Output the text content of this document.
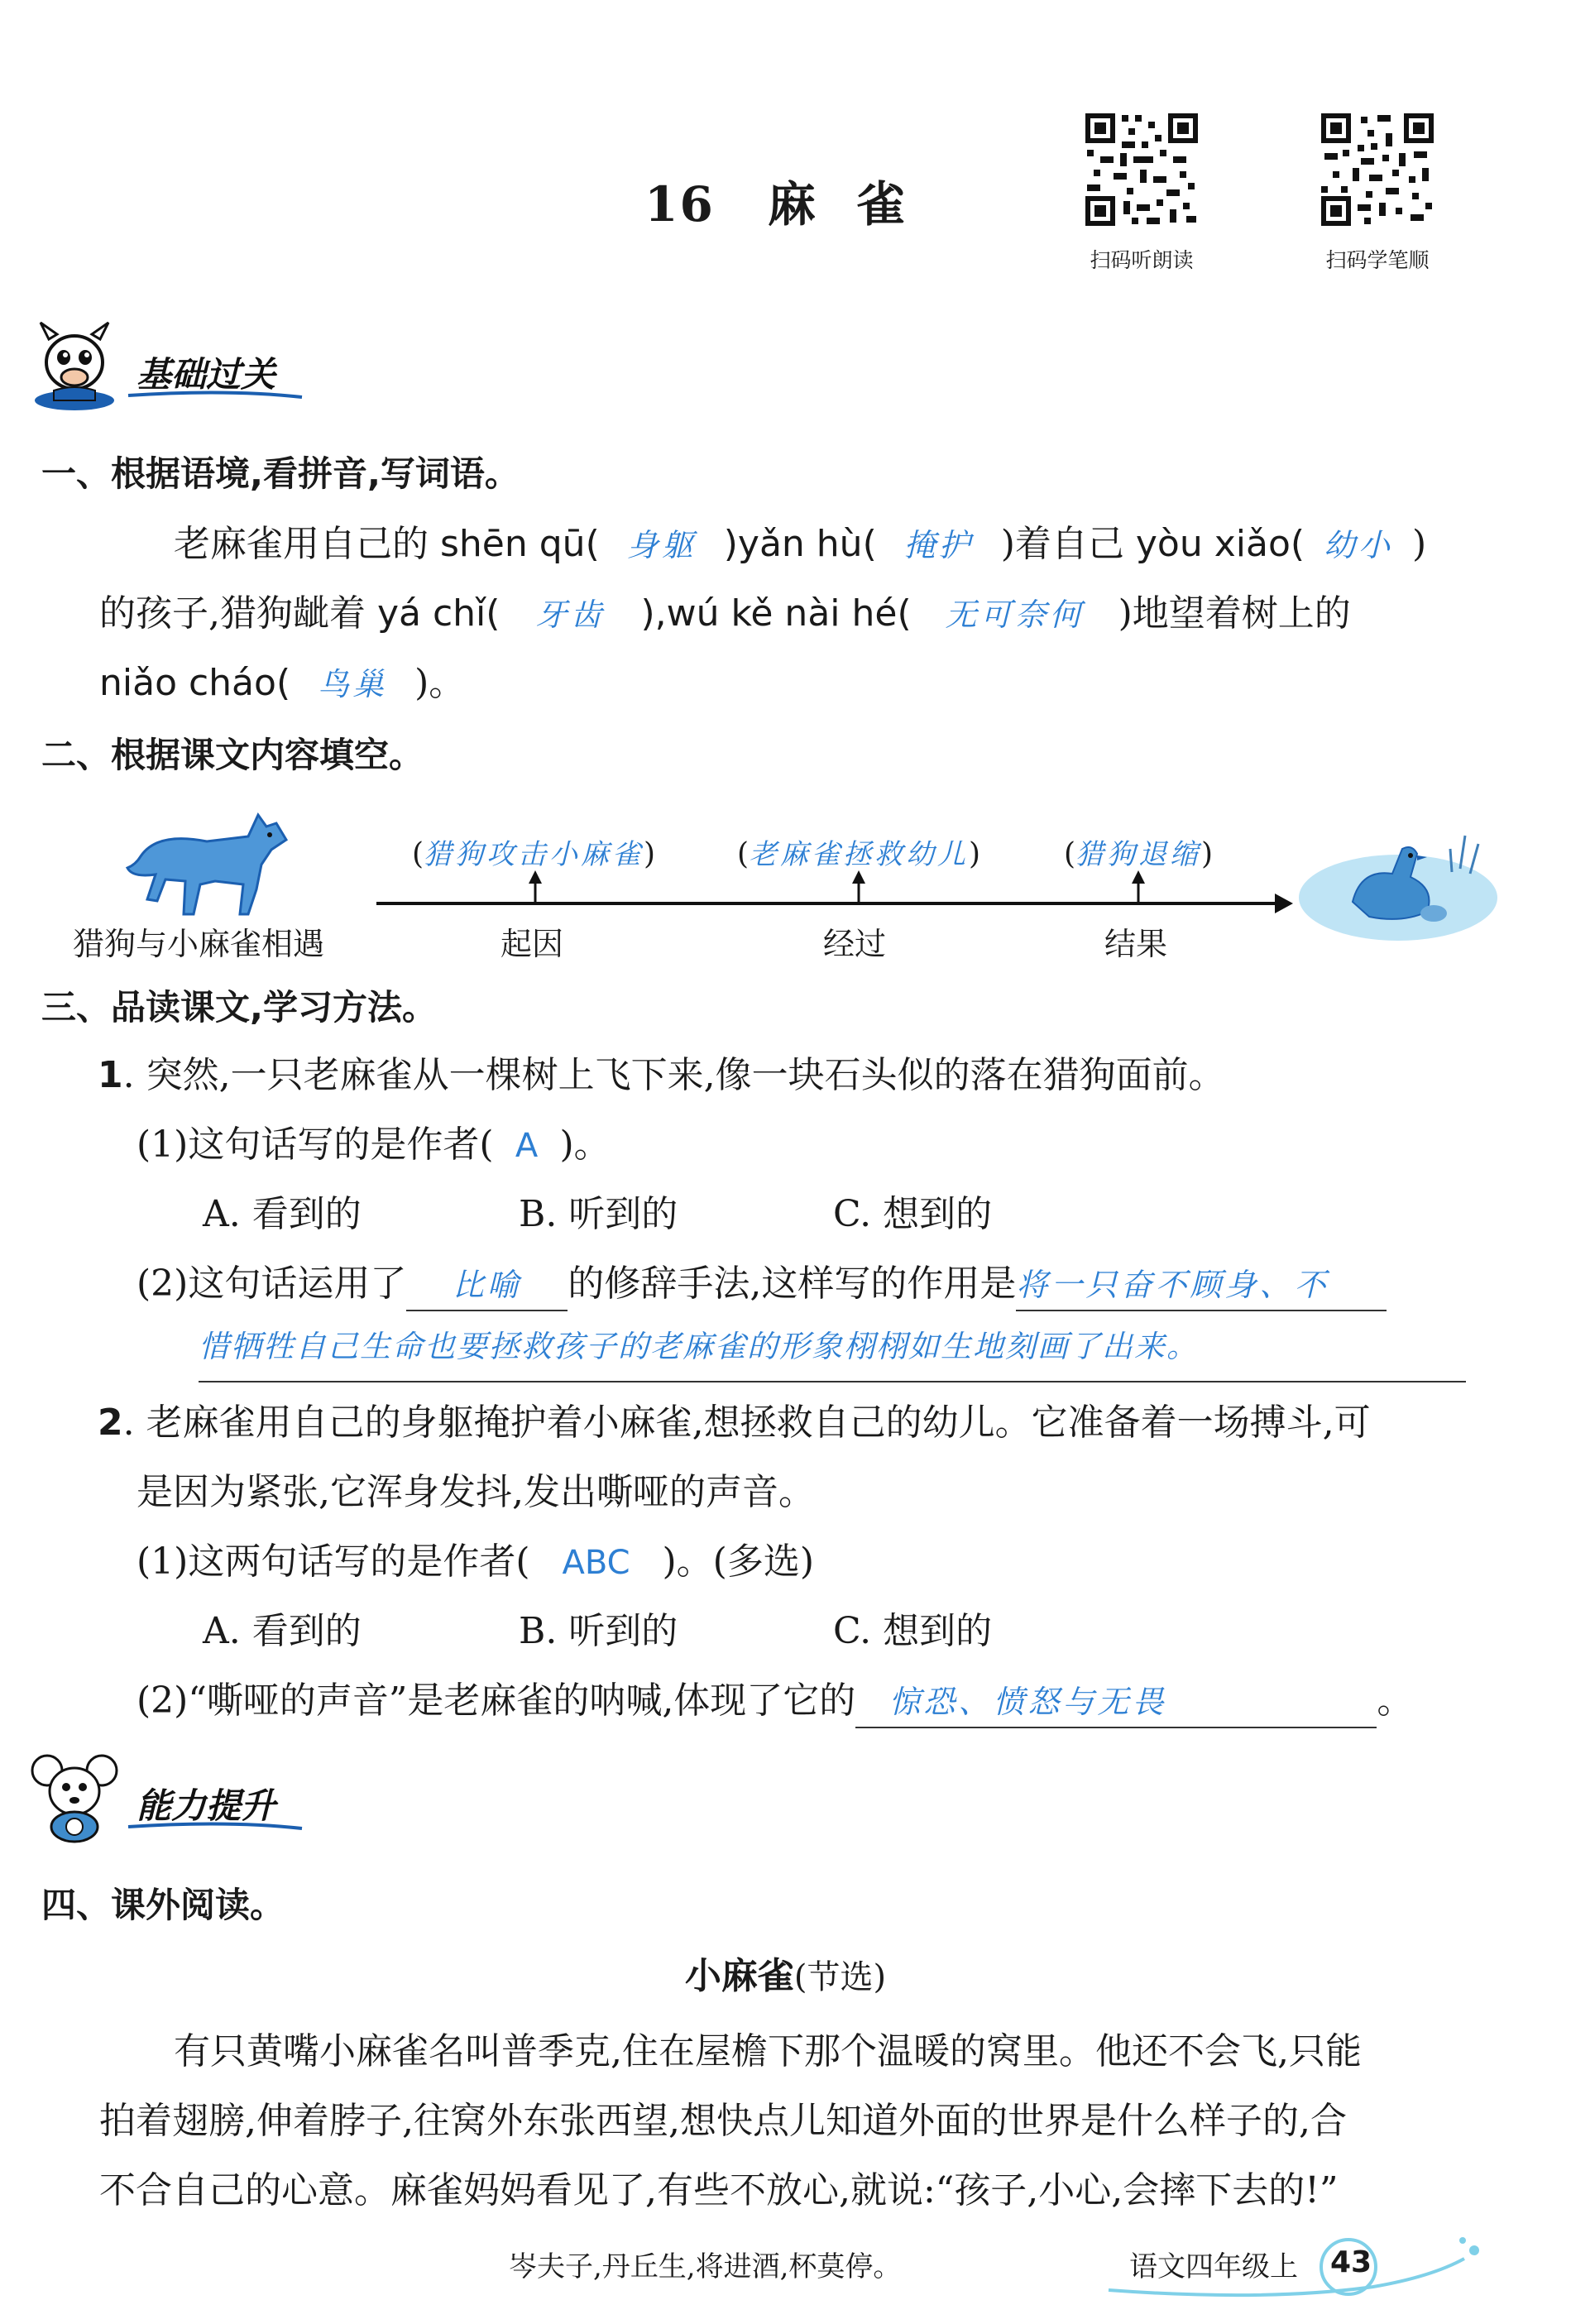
16 麻 雀
扫码听朗读	扫码学笔顺
基础过关
一、根据语境,看拼音,写词语。
老麻雀用自己的 shēn qū( 身躯 )yǎn hù( 掩护 )着自己 yòu xiǎo( 幼小 )
的孩子,猎狗龇着 yá chǐ( 牙齿 ),wú kě nài hé( 无可奈何 )地望着树上的
niǎo cháo( 鸟巢 )。
二、根据课文内容填空。
猎狗与小麻雀相遇
(猎狗攻击小麻雀)	(老麻雀拯救幼儿)	(猎狗退缩)
起因	经过	结果
三、品读课文,学习方法。
1. 突然,一只老麻雀从一棵树上飞下来,像一块石头似的落在猎狗面前。
(1)这句话写的是作者( A )。
A. 看到的	B. 听到的	C. 想到的
(2)这句话运用了 比喻 的修辞手法,这样写的作用是将一只奋不顾身、不
惜牺牲自己生命也要拯救孩子的老麻雀的形象栩栩如生地刻画了出来。
2. 老麻雀用自己的身躯掩护着小麻雀,想拯救自己的幼儿。它准备着一场搏斗,可
是因为紧张,它浑身发抖,发出嘶哑的声音。
(1)这两句话写的是作者( ABC )。(多选)
A. 看到的	B. 听到的	C. 想到的
(2)“嘶哑的声音”是老麻雀的呐喊,体现了它的 惊恐、愤怒与无畏	。
能力提升
四、课外阅读。
小麻雀(节选)
有只黄嘴小麻雀名叫普季克,住在屋檐下那个温暖的窝里。他还不会飞,只能
拍着翅膀,伸着脖子,往窝外东张西望,想快点儿知道外面的世界是什么样子的,合
不合自己的心意。麻雀妈妈看见了,有些不放心,就说:“孩子,小心,会摔下去的!”
岑夫子,丹丘生,将进酒,杯莫停。	语文四年级上 43
